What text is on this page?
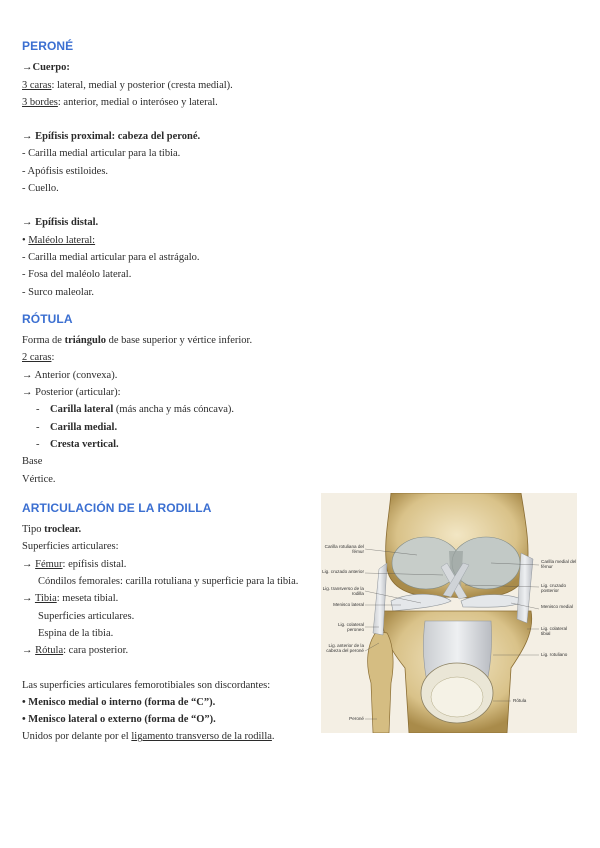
PERONÉ
→Cuerpo:
3 caras: lateral, medial y posterior (cresta medial).
3 bordes: anterior, medial o interóseo y lateral.
→ Epífisis proximal: cabeza del peroné.
- Carilla medial articular para la tibia.
- Apófisis estiloides.
- Cuello.
→ Epífisis distal.
• Maléolo lateral:
- Carilla medial articular para el astrágalo.
- Fosa del maléolo lateral.
- Surco maleolar.
RÓTULA
Forma de triángulo de base superior y vértice inferior.
2 caras:
→ Anterior (convexa).
→ Posterior (articular):
- Carilla lateral (más ancha y más cóncava).
- Carilla medial.
- Cresta vertical.
Base
Vértice.
ARTICULACIÓN DE LA RODILLA
Tipo troclear.
Superficies articulares:
→ Fémur: epífisis distal.
Cóndilos femorales: carilla rotuliana y superficie para la tibia.
→ Tibia: meseta tibial.
Superficies articulares.
Espina de la tibia.
→ Rótula: cara posterior.
Las superficies articulares femorotibiales son discordantes:
• Menisco medial o interno (forma de “C”).
• Menisco lateral o externo (forma de “O”).
Unidos por delante por el ligamento transverso de la rodilla.
Carilla rotuliana del fémur
Lig. cruzado anterior
Lig. transverso de la rodilla
Menisco lateral
Lig. colateral peroneo
Lig. anterior de la cabeza del peroné
Peroné
Carilla medial del fémur
Lig. cruzado posterior
Menisco medial
Lig. colateral tibial
Lig. rotuliano
Rótula
